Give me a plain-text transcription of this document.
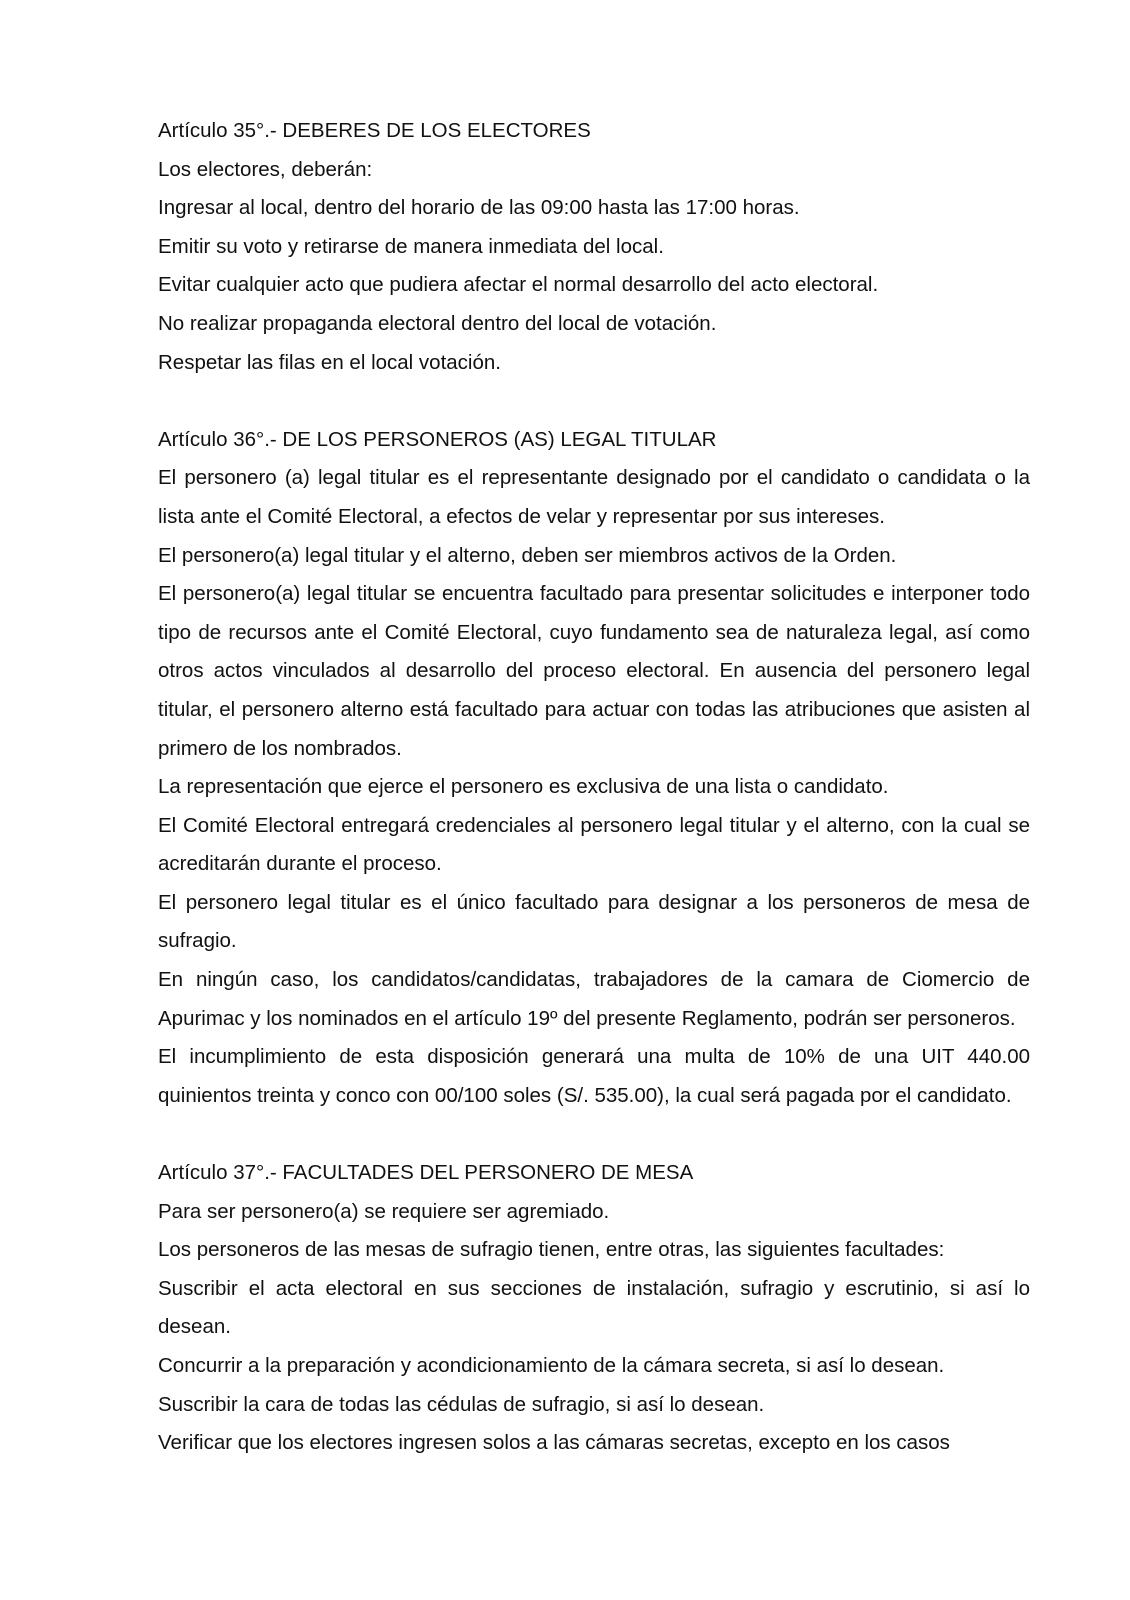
Artículo 35°.- DEBERES DE LOS ELECTORES
Los electores, deberán:
Ingresar al local, dentro del horario de las 09:00 hasta las 17:00 horas.
Emitir su voto y retirarse de manera inmediata del local.
Evitar cualquier acto que pudiera afectar el normal desarrollo del acto electoral.
No realizar propaganda electoral dentro del local de votación.
Respetar las filas en el local votación.
Artículo 36°.- DE LOS PERSONEROS (AS) LEGAL TITULAR
El personero (a) legal titular es el representante designado por el candidato o candidata o la lista ante el Comité Electoral, a efectos de velar y representar por sus intereses.
El personero(a) legal titular y el alterno, deben ser miembros activos de la Orden.
El personero(a) legal titular se encuentra facultado para presentar solicitudes e interponer todo tipo de recursos ante el Comité Electoral, cuyo fundamento sea de naturaleza legal, así como otros actos vinculados al desarrollo del proceso electoral. En ausencia del personero legal titular, el personero alterno está facultado para actuar con todas las atribuciones que asisten al primero de los nombrados.
La representación que ejerce el personero es exclusiva de una lista o candidato.
El Comité Electoral entregará credenciales al personero legal titular y el alterno, con la cual se acreditarán durante el proceso.
El personero legal titular es el único facultado para designar a los personeros de mesa de sufragio.
En ningún caso, los candidatos/candidatas, trabajadores de la camara de Ciomercio de Apurimac y los nominados en el artículo 19º del presente Reglamento, podrán ser personeros.
El incumplimiento de esta disposición generará una multa de 10% de una UIT 440.00 quinientos treinta y conco con 00/100 soles (S/. 535.00), la cual será pagada por el candidato.
Artículo 37°.- FACULTADES DEL PERSONERO DE MESA
Para ser personero(a) se requiere ser agremiado.
Los personeros de las mesas de sufragio tienen, entre otras, las siguientes facultades:
Suscribir el acta electoral en sus secciones de instalación, sufragio y escrutinio, si así lo desean.
Concurrir a la preparación y acondicionamiento de la cámara secreta, si así lo desean.
Suscribir la cara de todas las cédulas de sufragio, si así lo desean.
Verificar que los electores ingresen solos a las cámaras secretas, excepto en los casos
